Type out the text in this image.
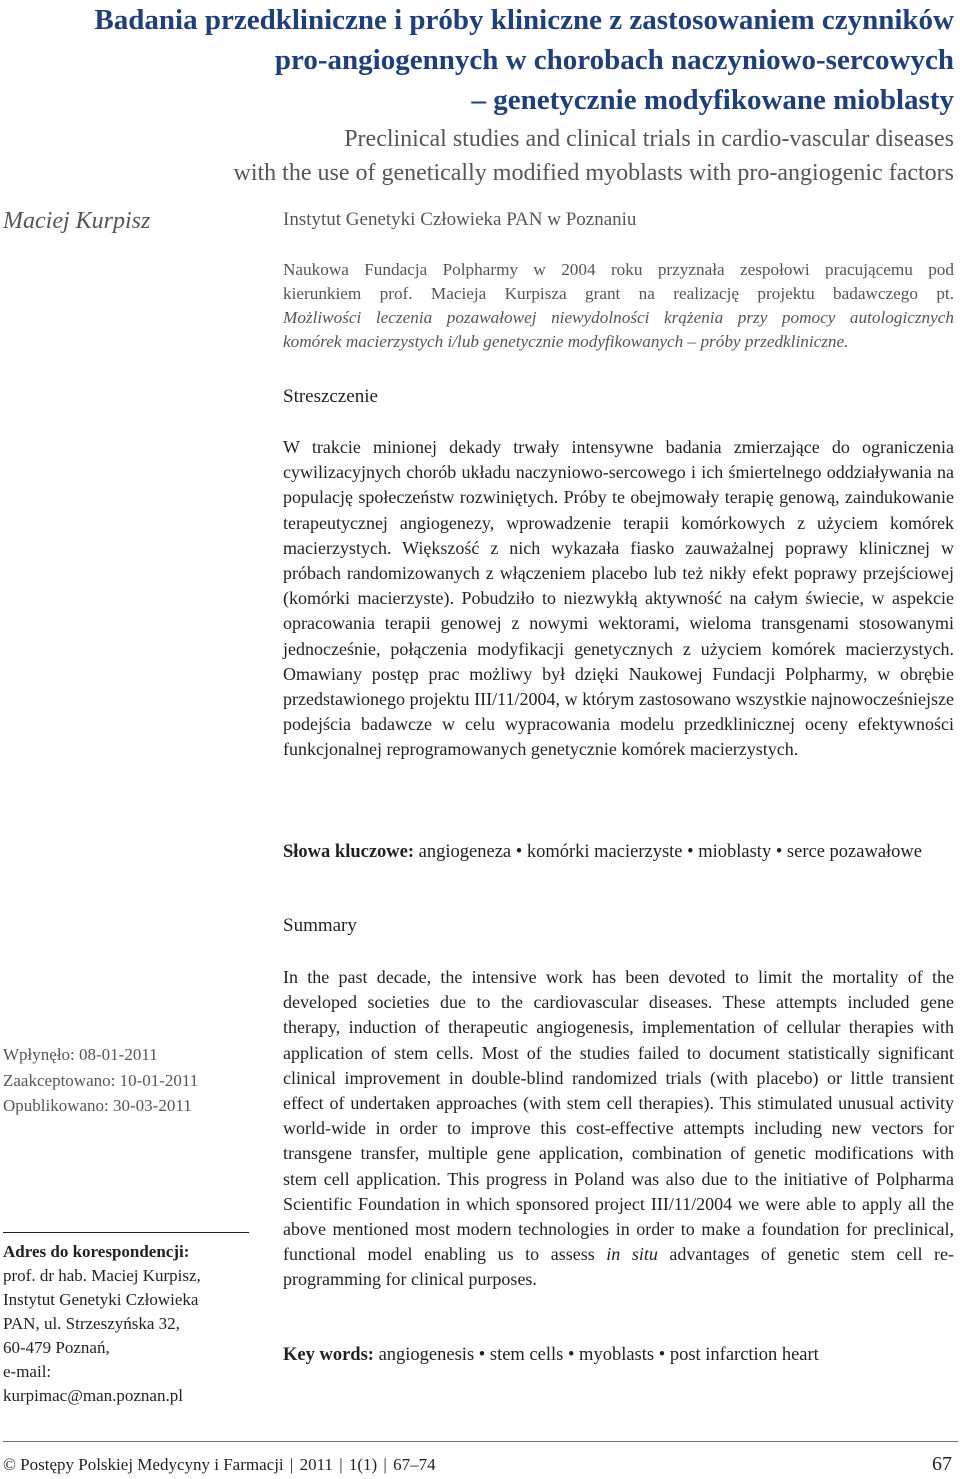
Badania przedkliniczne i próby kliniczne z zastosowaniem czynników
pro-angiogennych w chorobach naczyniowo-sercowych
– genetycznie modyfikowane mioblasty
Preclinical studies and clinical trials in cardio-vascular diseases
with the use of genetically modified myoblasts with pro-angiogenic factors
Maciej Kurpisz	Instytut Genetyki Człowieka PAN w Poznaniu

Naukowa Fundacja Polpharmy w 2004 roku przyznała zespołowi pracującemu pod

kierunkiem prof. Macieja Kurpisza grant na realizację projektu badawczego pt.

Możliwości leczenia pozawałowej niewydolności krążenia przy pomocy autologicznych

komórek macierzystych i/lub genetycznie modyfikowanych – próby przedkliniczne.

Streszczenie

W trakcie minionej dekady trwały intensywne badania zmierzające do ograniczenia cywilizacyjnych chorób układu naczyniowo-sercowego i ich śmiertelnego oddziaływania na populację społeczeństw rozwiniętych. Próby te obejmowały terapię genową, zaindukowanie terapeutycznej angiogenezy, wprowadzenie terapii komórkowych z użyciem komórek macierzystych. Większość z nich wykazała fiasko zauważalnej poprawy klinicznej w próbach randomizowanych z włączeniem placebo lub też nikły efekt poprawy przejściowej (komórki macierzyste). Pobudziło to niezwykłą aktywność na całym świecie, w aspekcie opracowania terapii genowej z nowymi wektorami, wieloma transgenami stosowanymi jednocześnie, połączenia modyfikacji genetycznych z użyciem komórek macierzystych. Omawiany postęp prac możliwy był dzięki Naukowej Fundacji Polpharmy, w obrębie przedstawionego projektu III/11/2004, w którym zastosowano wszystkie najnowocześniejsze podejścia badawcze w celu wypracowania modelu przedklinicznej oceny efektywności funkcjonalnej reprogramowanych genetycznie komórek macierzystych.

Słowa kluczowe: angiogeneza • komórki macierzyste • mioblasty • serce pozawałowe
Summary

In the past decade, the intensive work has been devoted to limit the mortality of the developed societies due to the cardiovascular diseases. These attempts included gene therapy, induction of therapeutic angiogenesis, implementation of cellular therapies with application of stem cells. Most of the studies failed to document statistically significant clinical improvement in double-blind randomized trials (with placebo) or little transient effect of undertaken approaches (with stem cell therapies). This stimulated unusual activity world-wide in order to improve this cost-effective attempts including new vectors for transgene transfer, multiple gene application, combination of genetic modifications with stem cell application. This progress in Poland was also due to the initiative of Polpharma Scientific Foundation in which sponsored project III/11/2004 we were able to apply all the above mentioned most modern technologies in order to make a foundation for preclinical, functional model enabling us to assess in situ advantages of genetic stem cell re-programming for clinical purposes.

Key words: angiogenesis • stem cells • myoblasts • post infarction heart
Wpłynęło: 08-01-2011
Zaakceptowano: 10-01-2011
Opublikowano: 30-03-2011
Adres do korespondencji:
prof. dr hab. Maciej Kurpisz,
Instytut Genetyki Człowieka
PAN, ul. Strzeszyńska 32,
60-479 Poznań,
e-mail:
kurpimac@man.poznan.pl
© Postępy Polskiej Medycyny i Farmacji | 2011 | 1(1) | 67–74	67
